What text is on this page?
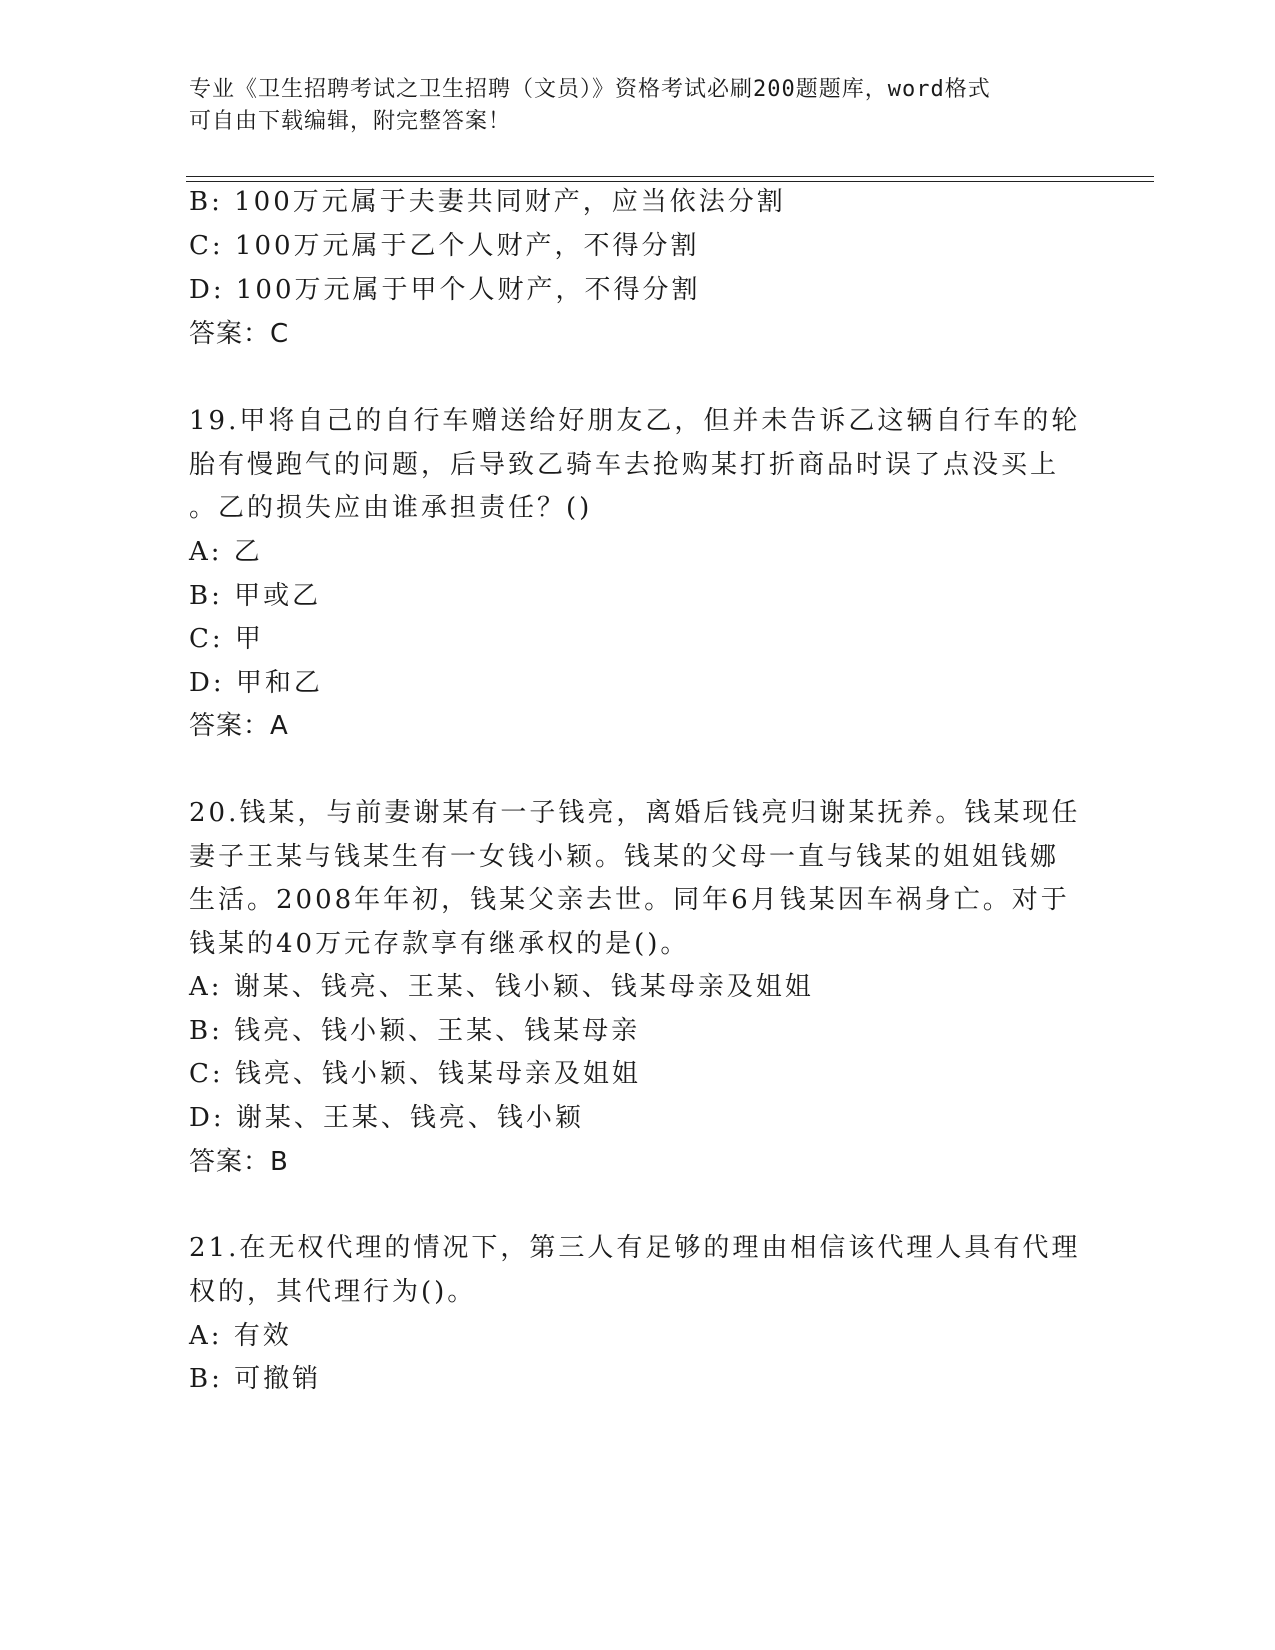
专业《卫生招聘考试之卫生招聘（文员）》资格考试必刷200题题库，word格式
可自由下载编辑，附完整答案！
B: 100万元属于夫妻共同财产，应当依法分割
C: 100万元属于乙个人财产，不得分割
D: 100万元属于甲个人财产，不得分割
答案：C
19.甲将自己的自行车赠送给好朋友乙，但并未告诉乙这辆自行车的轮
胎有慢跑气的问题，后导致乙骑车去抢购某打折商品时误了点没买上
。乙的损失应由谁承担责任？()
A: 乙
B: 甲或乙
C: 甲
D: 甲和乙
答案：A
20.钱某，与前妻谢某有一子钱亮，离婚后钱亮归谢某抚养。钱某现任
妻子王某与钱某生有一女钱小颖。钱某的父母一直与钱某的姐姐钱娜
生活。2008年年初，钱某父亲去世。同年6月钱某因车祸身亡。对于
钱某的40万元存款享有继承权的是()。
A: 谢某、钱亮、王某、钱小颖、钱某母亲及姐姐
B: 钱亮、钱小颖、王某、钱某母亲
C: 钱亮、钱小颖、钱某母亲及姐姐
D: 谢某、王某、钱亮、钱小颖
答案：B
21.在无权代理的情况下，第三人有足够的理由相信该代理人具有代理
权的，其代理行为()。
A: 有效
B: 可撤销
